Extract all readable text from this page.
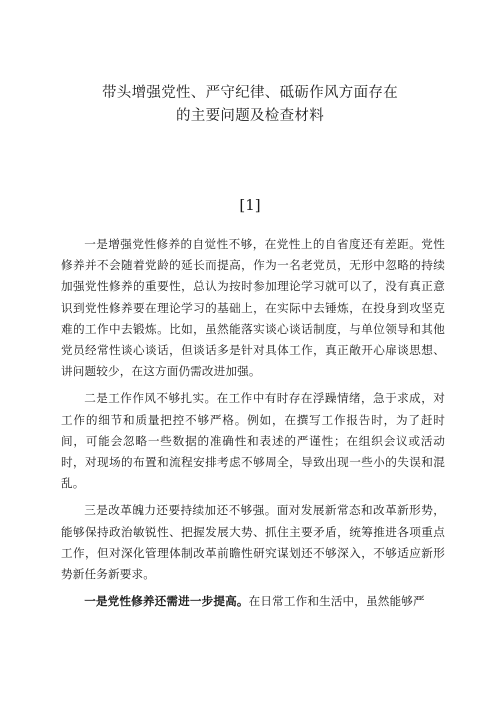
带头增强党性、严守纪律、砥砺作风方面存在
的主要问题及检查材料
[1]

一是增强党性修养的自觉性不够，在党性上的自省度还有差距。党性修养并不会随着党龄的延长而提高，作为一名老党员，无形中忽略的持续加强党性修养的重要性，总认为按时参加理论学习就可以了，没有真正意识到党性修养要在理论学习的基础上，在实际中去锤炼，在投身到攻坚克难的工作中去锻炼。比如，虽然能落实谈心谈话制度，与单位领导和其他党员经常性谈心谈话，但谈话多是针对具体工作，真正敞开心扉谈思想、讲问题较少，在这方面仍需改进加强。

二是工作作风不够扎实。在工作中有时存在浮躁情绪，急于求成，对工作的细节和质量把控不够严格。例如，在撰写工作报告时，为了赶时间，可能会忽略一些数据的准确性和表述的严谨性；在组织会议或活动时，对现场的布置和流程安排考虑不够周全，导致出现一些小的失误和混乱。

三是改革魄力还要持续加还不够强。面对发展新常态和改革新形势，能够保持政治敏锐性、把握发展大势、抓住主要矛盾，统筹推进各项重点工作，但对深化管理体制改革前瞻性研究谋划还不够深入，不够适应新形势新任务新要求。

一是党性修养还需进一步提高。在日常工作和生活中，虽然能够严
